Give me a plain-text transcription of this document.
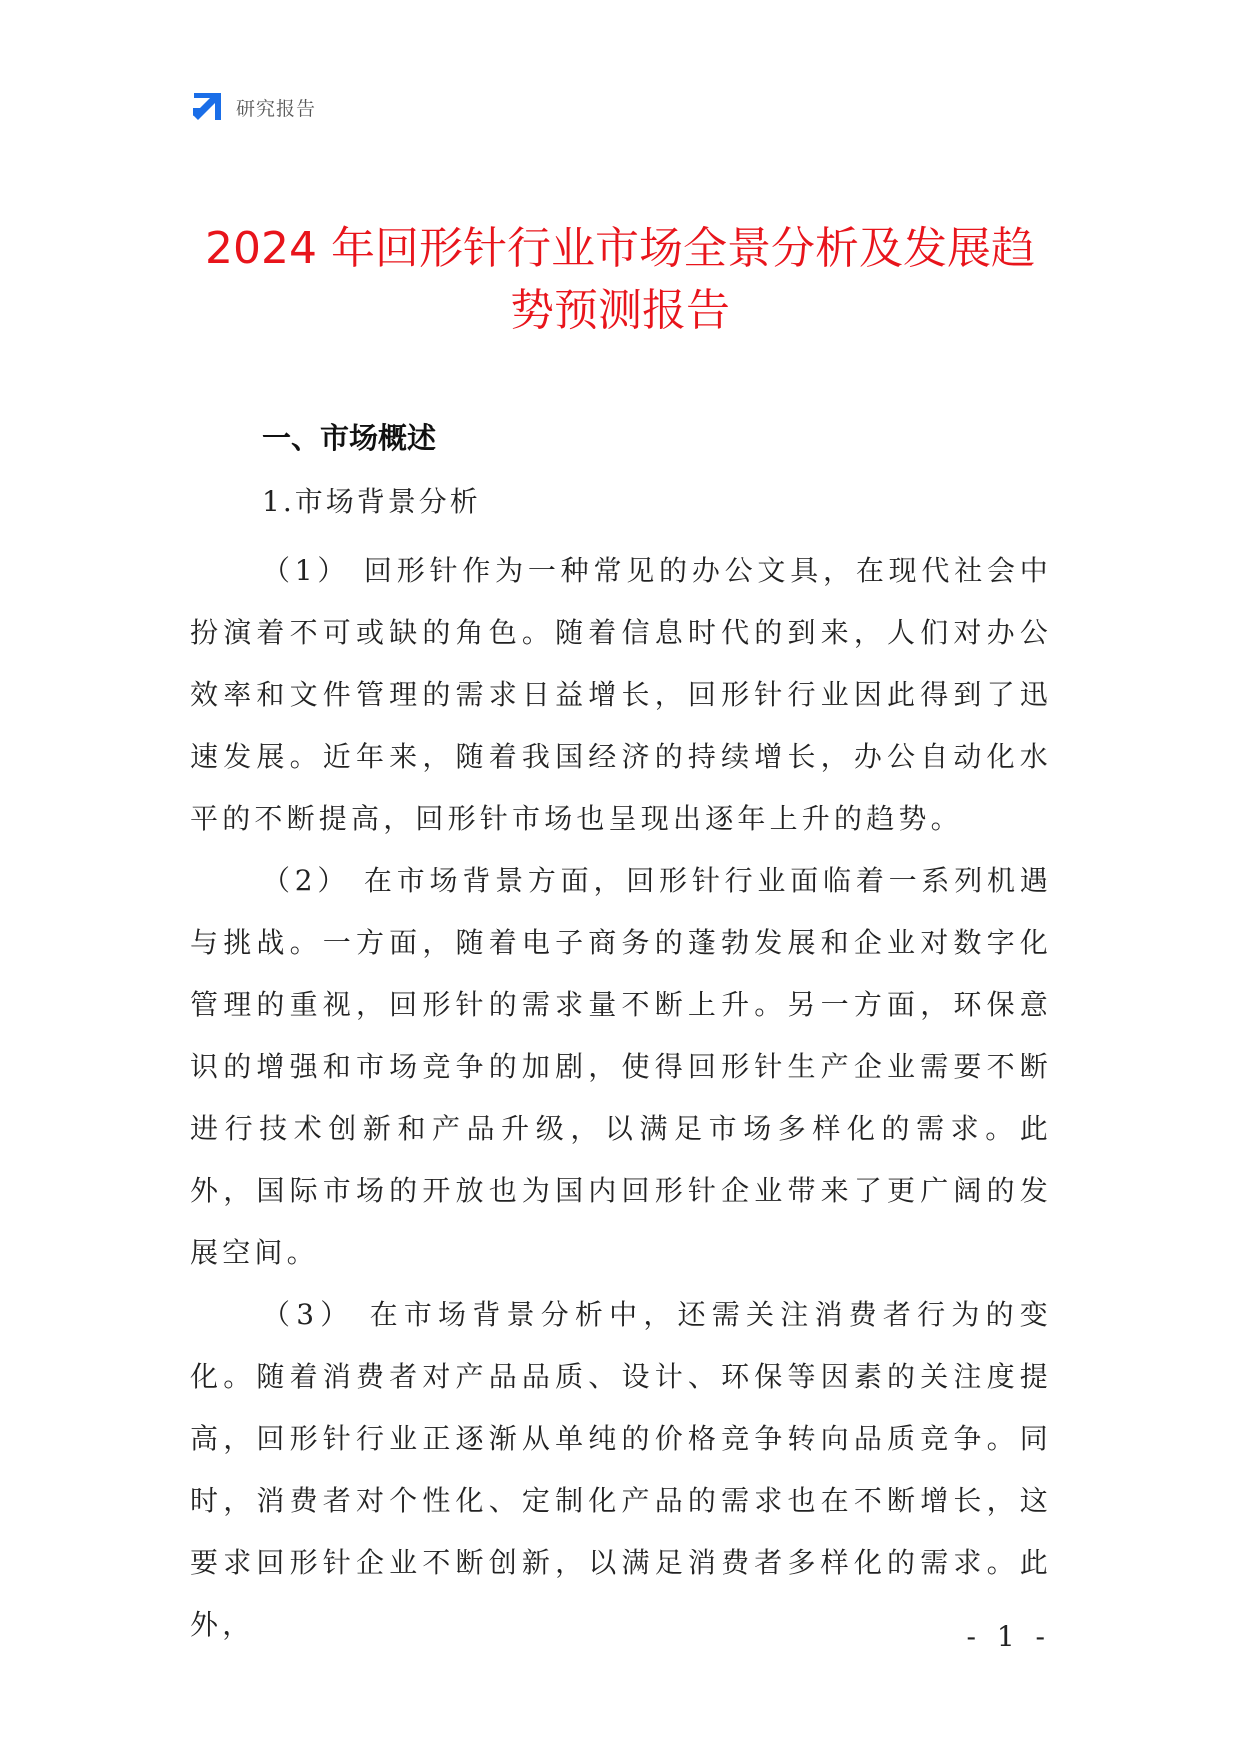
研究报告
2024 年回形针行业市场全景分析及发展趋
势预测报告
一、市场概述
1.市场背景分析

（1） 回形针作为一种常见的办公文具，在现代社会中扮演着不可或缺的角色。随着信息时代的到来，人们对办公效率和文件管理的需求日益增长，回形针行业因此得到了迅速发展。近年来，随着我国经济的持续增长，办公自动化水平的不断提高，回形针市场也呈现出逐年上升的趋势。

（2） 在市场背景方面，回形针行业面临着一系列机遇与挑战。一方面，随着电子商务的蓬勃发展和企业对数字化管理的重视，回形针的需求量不断上升。另一方面，环保意识的增强和市场竞争的加剧，使得回形针生产企业需要不断进行技术创新和产品升级，以满足市场多样化的需求。此外，国际市场的开放也为国内回形针企业带来了更广阔的发展空间。

（3） 在市场背景分析中，还需关注消费者行为的变化。随着消费者对产品品质、设计、环保等因素的关注度提高，回形针行业正逐渐从单纯的价格竞争转向品质竞争。同时，消费者对个性化、定制化产品的需求也在不断增长，这要求回形针企业不断创新，以满足消费者多样化的需求。此外，	- 1 -
